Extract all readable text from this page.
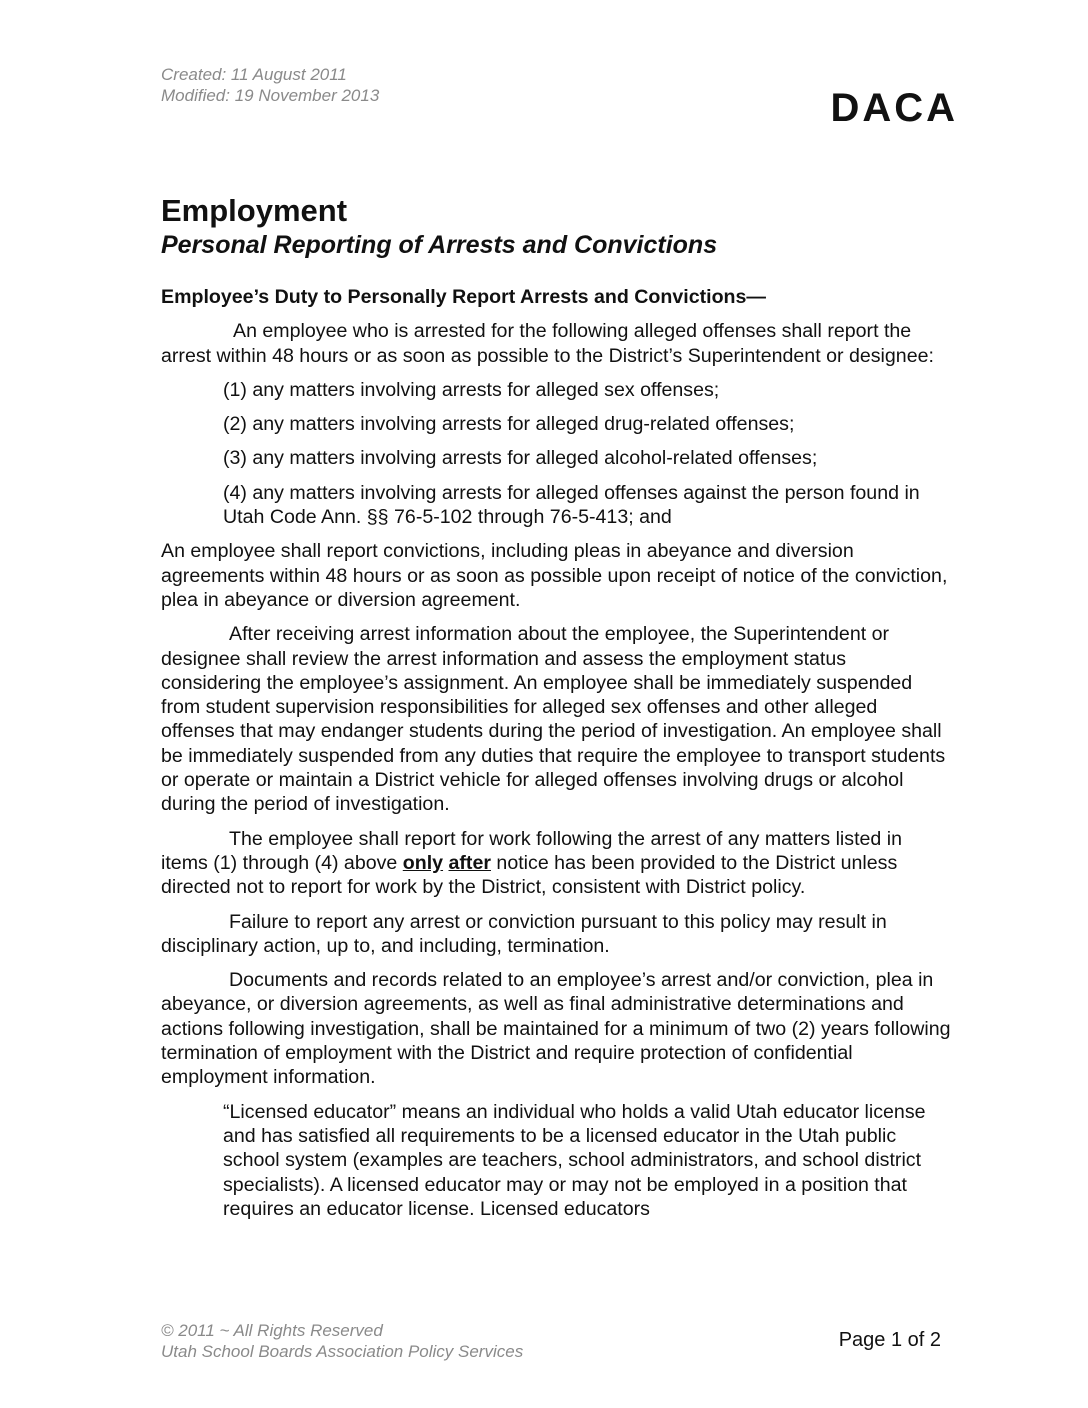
Created: 11 August 2011
Modified: 19 November 2013	DACA
Employment
Personal Reporting of Arrests and Convictions

Employee’s Duty to Personally Report Arrests and Convictions—

An employee who is arrested for the following alleged offenses shall report the arrest within 48 hours or as soon as possible to the District’s Superintendent or designee:

(1) any matters involving arrests for alleged sex offenses;

(2) any matters involving arrests for alleged drug-related offenses;

(3) any matters involving arrests for alleged alcohol-related offenses;

(4) any matters involving arrests for alleged offenses against the person found in Utah Code Ann. §§ 76-5-102 through 76-5-413; and

An employee shall report convictions, including pleas in abeyance and diversion agreements within 48 hours or as soon as possible upon receipt of notice of the conviction, plea in abeyance or diversion agreement.

After receiving arrest information about the employee, the Superintendent or designee shall review the arrest information and assess the employment status considering the employee’s assignment. An employee shall be immediately suspended from student supervision responsibilities for alleged sex offenses and other alleged offenses that may endanger students during the period of investigation. An employee shall be immediately suspended from any duties that require the employee to transport students or operate or maintain a District vehicle for alleged offenses involving drugs or alcohol during the period of investigation.

The employee shall report for work following the arrest of any matters listed in items (1) through (4) above only after notice has been provided to the District unless directed not to report for work by the District, consistent with District policy.

Failure to report any arrest or conviction pursuant to this policy may result in disciplinary action, up to, and including, termination.

Documents and records related to an employee’s arrest and/or conviction, plea in abeyance, or diversion agreements, as well as final administrative determinations and actions following investigation, shall be maintained for a minimum of two (2) years following termination of employment with the District and require protection of confidential employment information.

“Licensed educator” means an individual who holds a valid Utah educator license and has satisfied all requirements to be a licensed educator in the Utah public school system (examples are teachers, school administrators, and school district specialists). A licensed educator may or may not be employed in a position that requires an educator license. Licensed educators

© 2011 ~ All Rights Reserved
Utah School Boards Association Policy Services
Page 1 of 2
